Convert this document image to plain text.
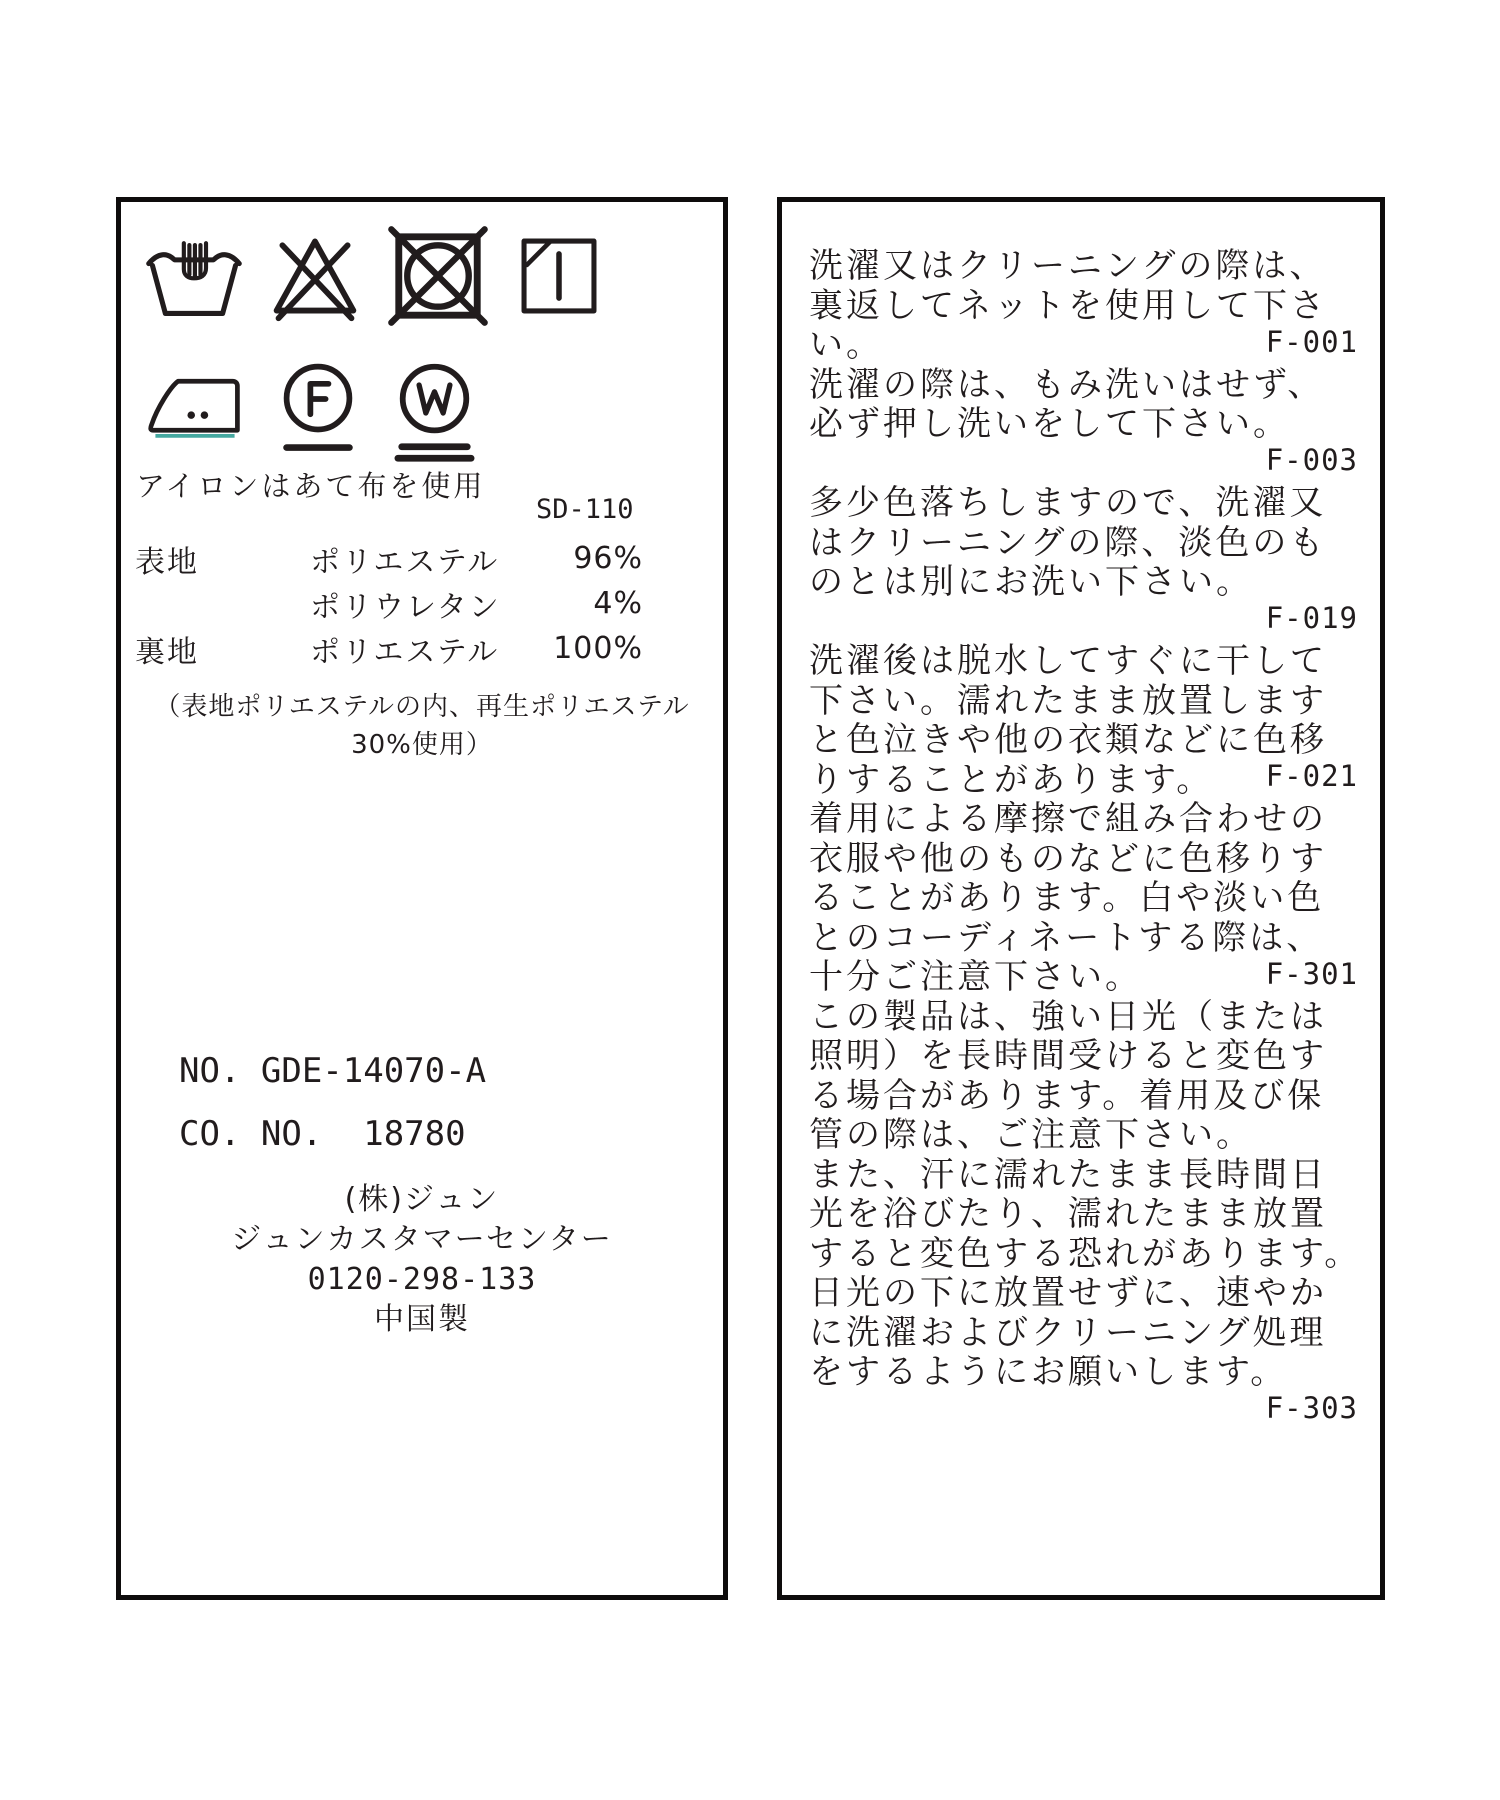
アイロンはあて布を使用
SD-110
表地	ポリエステル	96%
ポリウレタン	4%
裏地	ポリエステル	100%
（表地ポリエステルの内、再生ポリエステル
30%使用）
NO. GDE-14070-A
CO. NO.  18780
(株)ジュン
ジュンカスタマーセンター
0120-298-133
中国製
洗濯又はクリーニングの際は、
裏返してネットを使用して下さ
い。	F-001
洗濯の際は、もみ洗いはせず、
必ず押し洗いをして下さい。
F-003
多少色落ちしますので、洗濯又
はクリーニングの際、淡色のも
のとは別にお洗い下さい。
F-019
洗濯後は脱水してすぐに干して
下さい。濡れたまま放置します
と色泣きや他の衣類などに色移
りすることがあります。 F-021
着用による摩擦で組み合わせの
衣服や他のものなどに色移りす
ることがあります。白や淡い色
とのコーディネートする際は、
十分ご注意下さい。	F-301
この製品は、強い日光（または
照明）を長時間受けると変色す
る場合があります。着用及び保
管の際は、ご注意下さい。
また、汗に濡れたまま長時間日
光を浴びたり、濡れたまま放置
すると変色する恐れがあります。
日光の下に放置せずに、速やか
に洗濯およびクリーニング処理
をするようにお願いします。
F-303
